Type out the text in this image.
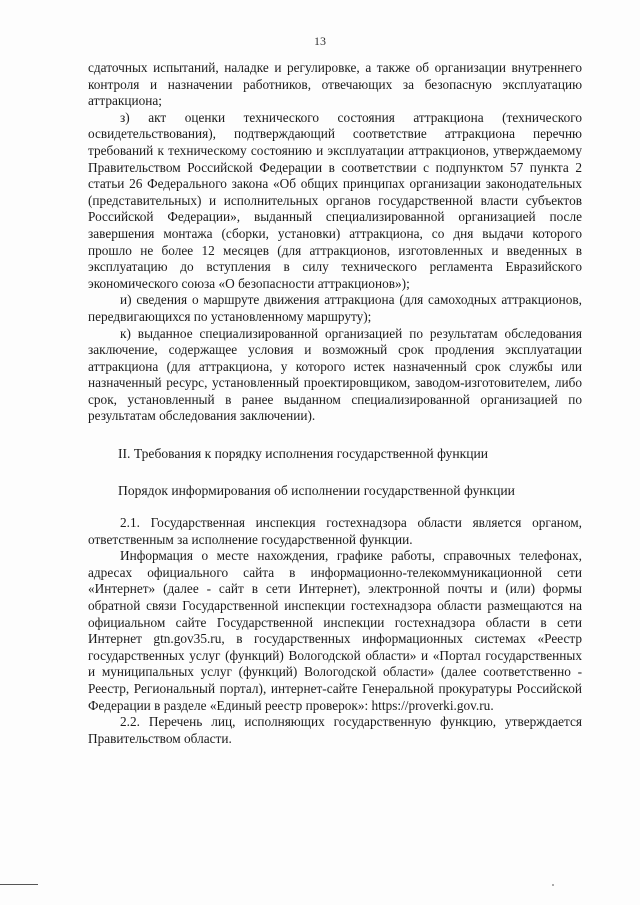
13

сдаточных испытаний, наладке и регулировке, а также об организации внутреннего контроля и назначении работников, отвечающих за безопасную эксплуатацию аттракциона;

з) акт оценки технического состояния аттракциона (технического освидетельствования), подтверждающий соответствие аттракциона перечню требований к техническому состоянию и эксплуатации аттракционов, утверждаемому Правительством Российской Федерации в соответствии с подпунктом 57 пункта 2 статьи 26 Федерального закона «Об общих принципах организации законодательных (представительных) и исполнительных органов государственной власти субъектов Российской Федерации», выданный специализированной организацией после завершения монтажа (сборки, установки) аттракциона, со дня выдачи которого прошло не более 12 месяцев (для аттракционов, изготовленных и введенных в эксплуатацию до вступления в силу технического регламента Евразийского экономического союза «О безопасности аттракционов»);

и) сведения о маршруте движения аттракциона (для самоходных аттракционов, передвигающихся по установленному маршруту);

к) выданное специализированной организацией по результатам обследования заключение, содержащее условия и возможный срок продления эксплуатации аттракциона (для аттракциона, у которого истек назначенный срок службы или назначенный ресурс, установленный проектировщиком, заводом-изготовителем, либо срок, установленный в ранее выданном специализированной организацией по результатам обследования заключении).

II. Требования к порядку исполнения государственной функции

Порядок информирования об исполнении государственной функции

2.1. Государственная инспекция гостехнадзора области является органом, ответственным за исполнение государственной функции.

Информация о месте нахождения, графике работы, справочных телефонах, адресах официального сайта в информационно-телекоммуникационной сети «Интернет» (далее - сайт в сети Интернет), электронной почты и (или) формы обратной связи Государственной инспекции гостехнадзора области размещаются на официальном сайте Государственной инспекции гостехнадзора области в сети Интернет gtn.gov35.ru, в государственных информационных системах «Реестр государственных услуг (функций) Вологодской области» и «Портал государственных и муниципальных услуг (функций) Вологодской области» (далее соответственно - Реестр, Региональный портал), интернет-сайте Генеральной прокуратуры Российской Федерации в разделе «Единый реестр проверок»: https://proverki.gov.ru.

2.2. Перечень лиц, исполняющих государственную функцию, утверждается Правительством области.
